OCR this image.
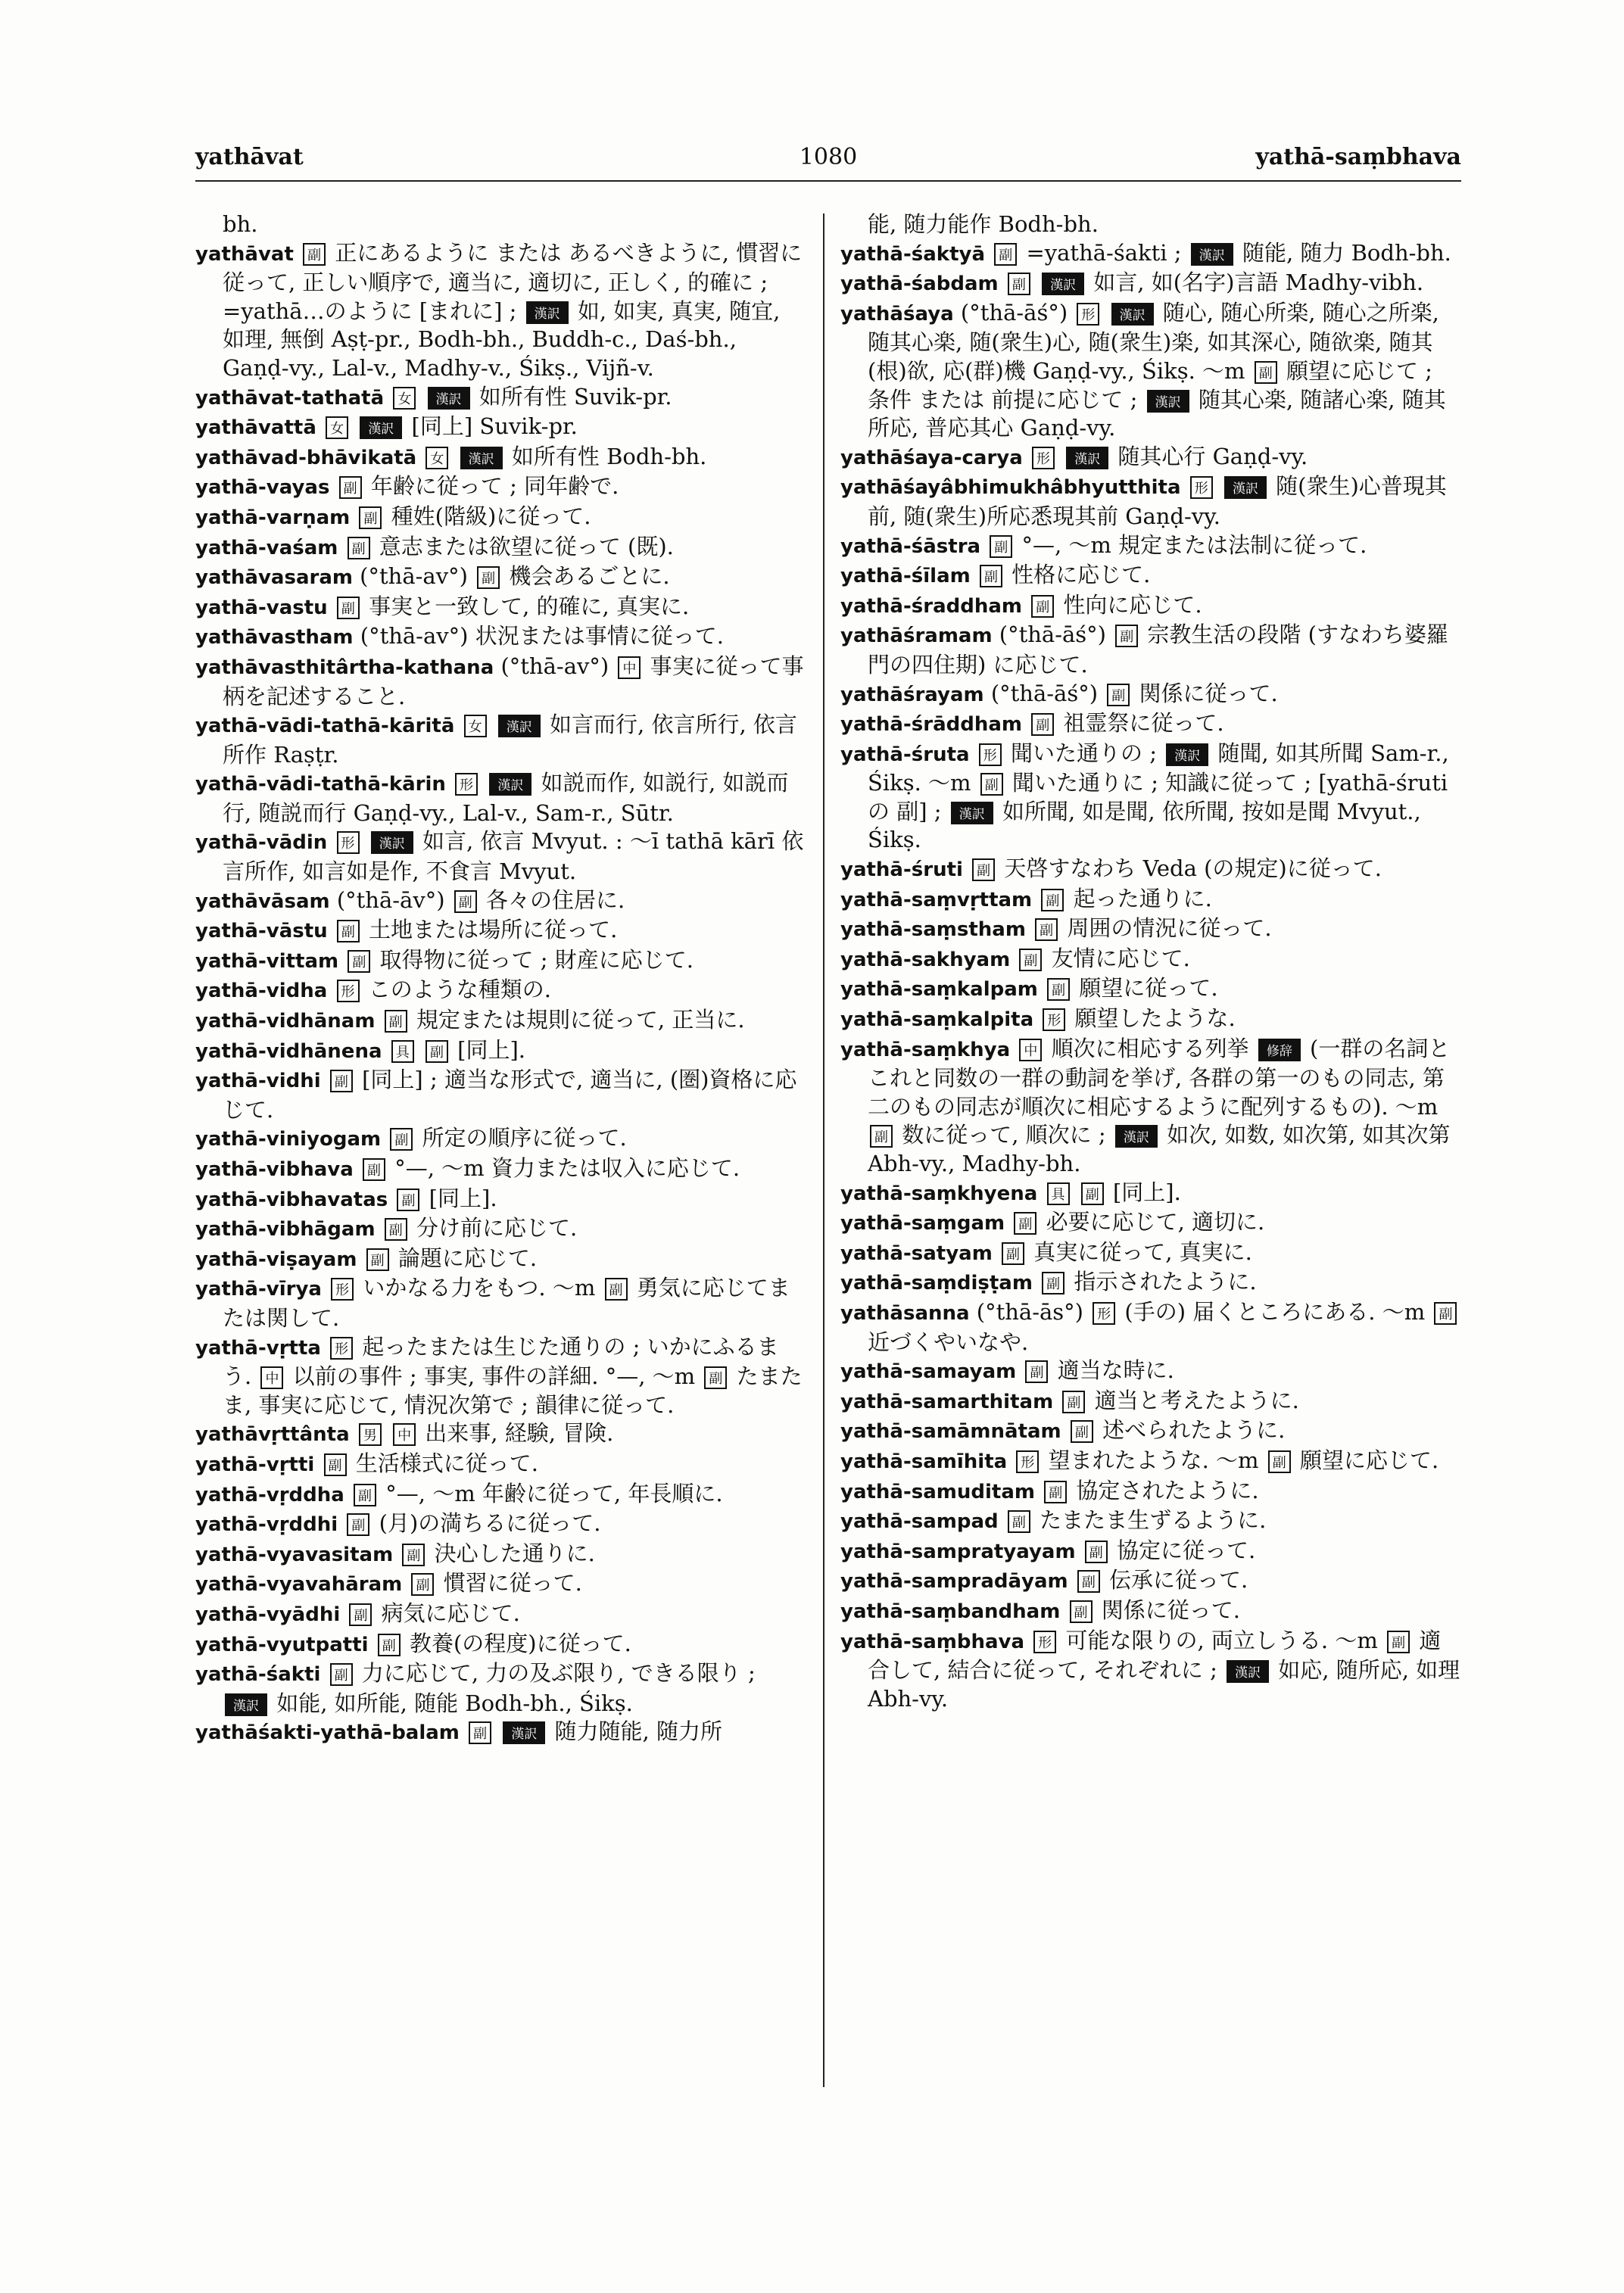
yathāvat	1080	yathā-saṃbhava

bh.

yathāvat 副 正にあるように または あるべきように, 慣習に従って, 正しい順序で, 適当に, 適切に, 正しく, 的確に ; =yathā…のように [まれに] ; 漢訳 如, 如実, 真実, 随宜, 如理, 無倒 Aṣṭ-pr., Bodh-bh., Buddh-c., Daś-bh., Gaṇḍ-vy., Lal-v., Madhy-v., Śikṣ., Vijñ-v.

yathāvat-tathatā 女 漢訳 如所有性 Suvik-pr.

yathāvattā 女 漢訳 [同上] Suvik-pr.

yathāvad-bhāvikatā 女 漢訳 如所有性 Bodh-bh.

yathā-vayas 副 年齢に従って ; 同年齢で.

yathā-varṇam 副 種姓(階級)に従って.

yathā-vaśam 副 意志または欲望に従って (既).

yathāvasaram (°thā-av°) 副 機会あるごとに.

yathā-vastu 副 事実と一致して, 的確に, 真実に.

yathāvastham (°thā-av°) 状況または事情に従って.

yathāvasthitârtha-kathana (°thā-av°) 中 事実に従って事柄を記述すること.

yathā-vādi-tathā-kāritā 女 漢訳 如言而行, 依言所行, 依言所作 Raṣṭr.

yathā-vādi-tathā-kārin 形 漢訳 如説而作, 如説行, 如説而行, 随説而行 Gaṇḍ-vy., Lal-v., Sam-r., Sūtr.

yathā-vādin 形 漢訳 如言, 依言 Mvyut. : ～ī tathā kārī 依言所作, 如言如是作, 不食言 Mvyut.

yathāvāsam (°thā-āv°) 副 各々の住居に.

yathā-vāstu 副 土地または場所に従って.

yathā-vittam 副 取得物に従って ; 財産に応じて.

yathā-vidha 形 このような種類の.

yathā-vidhānam 副 規定または規則に従って, 正当に.

yathā-vidhānena 具 副 [同上].

yathā-vidhi 副 [同上] ; 適当な形式で, 適当に, (圏)資格に応じて.

yathā-viniyogam 副 所定の順序に従って.

yathā-vibhava 副 °—, ～m 資力または収入に応じて.

yathā-vibhavatas 副 [同上].

yathā-vibhāgam 副 分け前に応じて.

yathā-viṣayam 副 論題に応じて.

yathā-vīrya 形 いかなる力をもつ. ～m 副 勇気に応じてまたは関して.

yathā-vṛtta 形 起ったまたは生じた通りの ; いかにふるまう. 中 以前の事件 ; 事実, 事件の詳細. °—, ～m 副 たまたま, 事実に応じて, 情況次第で ; 韻律に従って.

yathāvṛttânta 男 中 出来事, 経験, 冒険.

yathā-vṛtti 副 生活様式に従って.

yathā-vṛddha 副 °—, ～m 年齢に従って, 年長順に.

yathā-vṛddhi 副 (月)の満ちるに従って.

yathā-vyavasitam 副 決心した通りに.

yathā-vyavahāram 副 慣習に従って.

yathā-vyādhi 副 病気に応じて.

yathā-vyutpatti 副 教養(の程度)に従って.

yathā-śakti 副 力に応じて, 力の及ぶ限り, できる限り ; 漢訳 如能, 如所能, 随能 Bodh-bh., Śikṣ.

yathāśakti-yathā-balam 副 漢訳 随力随能, 随力所

能, 随力能作 Bodh-bh.

yathā-śaktyā 副 =yathā-śakti ; 漢訳 随能, 随力 Bodh-bh.

yathā-śabdam 副 漢訳 如言, 如(名字)言語 Madhy-vibh.

yathāśaya (°thā-āś°) 形 漢訳 随心, 随心所楽, 随心之所楽, 随其心楽, 随(衆生)心, 随(衆生)楽, 如其深心, 随欲楽, 随其(根)欲, 応(群)機 Gaṇḍ-vy., Śikṣ. ～m 副 願望に応じて ; 条件 または 前提に応じて ; 漢訳 随其心楽, 随諸心楽, 随其所応, 普応其心 Gaṇḍ-vy.

yathāśaya-carya 形 漢訳 随其心行 Gaṇḍ-vy.

yathāśayâbhimukhâbhyutthita 形 漢訳 随(衆生)心普現其前, 随(衆生)所応悉現其前 Gaṇḍ-vy.

yathā-śāstra 副 °—, ～m 規定または法制に従って.

yathā-śīlam 副 性格に応じて.

yathā-śraddham 副 性向に応じて.

yathāśramam (°thā-āś°) 副 宗教生活の段階 (すなわち婆羅門の四住期) に応じて.

yathāśrayam (°thā-āś°) 副 関係に従って.

yathā-śrāddham 副 祖霊祭に従って.

yathā-śruta 形 聞いた通りの ; 漢訳 随聞, 如其所聞 Sam-r., Śikṣ. ～m 副 聞いた通りに ; 知識に従って ; [yathā-śruti の 副] ; 漢訳 如所聞, 如是聞, 依所聞, 按如是聞 Mvyut., Śikṣ.

yathā-śruti 副 天啓すなわち Veda (の規定)に従って.

yathā-saṃvṛttam 副 起った通りに.

yathā-saṃstham 副 周囲の情況に従って.

yathā-sakhyam 副 友情に応じて.

yathā-saṃkalpam 副 願望に従って.

yathā-saṃkalpita 形 願望したような.

yathā-saṃkhya 中 順次に相応する列挙 修辞 (一群の名詞とこれと同数の一群の動詞を挙げ, 各群の第一のもの同志, 第二のもの同志が順次に相応するように配列するもの). ～m 副 数に従って, 順次に ; 漢訳 如次, 如数, 如次第, 如其次第 Abh-vy., Madhy-bh.

yathā-saṃkhyena 具 副 [同上].

yathā-saṃgam 副 必要に応じて, 適切に.

yathā-satyam 副 真実に従って, 真実に.

yathā-saṃdiṣṭam 副 指示されたように.

yathāsanna (°thā-ās°) 形 (手の) 届くところにある. ～m 副 近づくやいなや.

yathā-samayam 副 適当な時に.

yathā-samarthitam 副 適当と考えたように.

yathā-samāmnātam 副 述べられたように.

yathā-samīhita 形 望まれたような. ～m 副 願望に応じて.

yathā-samuditam 副 協定されたように.

yathā-sampad 副 たまたま生ずるように.

yathā-sampratyayam 副 協定に従って.

yathā-sampradāyam 副 伝承に従って.

yathā-saṃbandham 副 関係に従って.

yathā-saṃbhava 形 可能な限りの, 両立しうる. ～m 副 適合して, 結合に従って, それぞれに ; 漢訳 如応, 随所応, 如理 Abh-vy.
